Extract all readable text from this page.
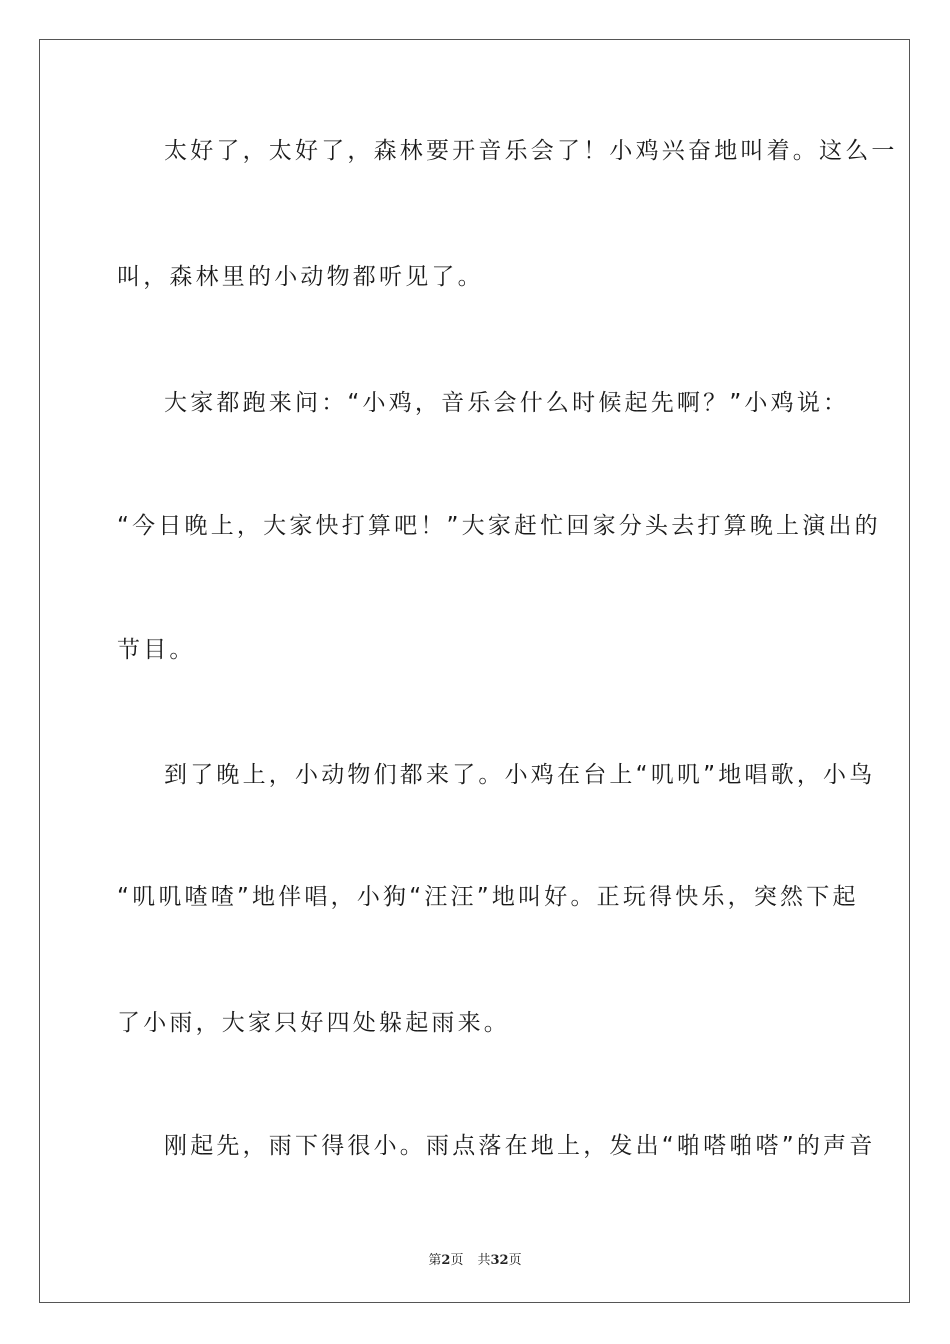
太好了，太好了，森林要开音乐会了！小鸡兴奋地叫着。这么一
叫，森林里的小动物都听见了。
大家都跑来问：“小鸡，音乐会什么时候起先啊？”小鸡说：
“今日晚上，大家快打算吧！”大家赶忙回家分头去打算晚上演出的
节目。
到了晚上，小动物们都来了。小鸡在台上“叽叽”地唱歌，小鸟
“叽叽喳喳”地伴唱，小狗“汪汪”地叫好。正玩得快乐，突然下起
了小雨，大家只好四处躲起雨来。
刚起先，雨下得很小。雨点落在地上，发出“啪嗒啪嗒”的声音
第2页 共32页
